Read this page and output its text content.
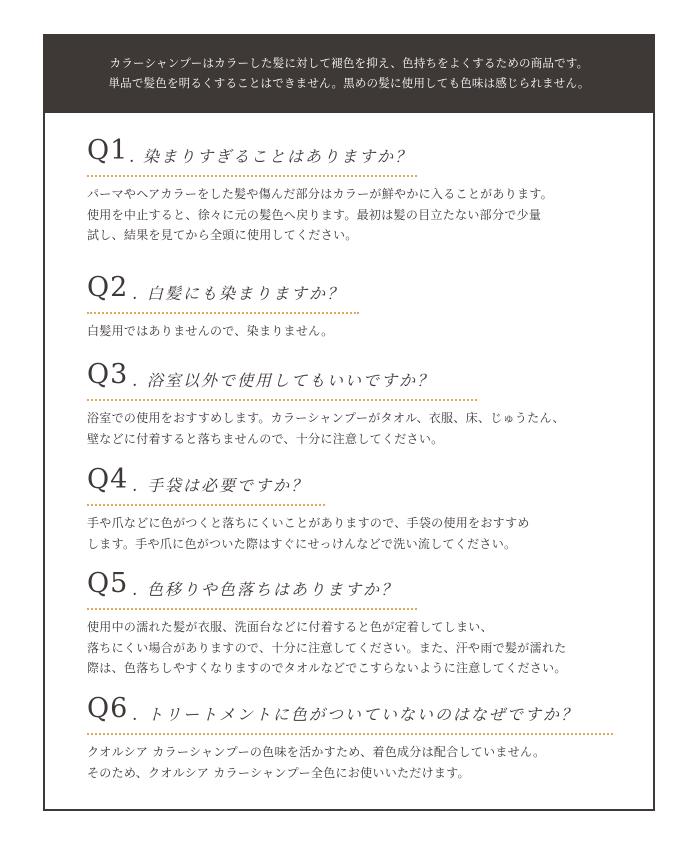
カラーシャンプーはカラーした髪に対して褪色を抑え、色持ちをよくするための商品です。

単品で髪色を明るくすることはできません。黒めの髪に使用しても色味は感じられません。

Q1 . 染まりすぎることはありますか？

パーマやヘアカラーをした髪や傷んだ部分はカラーが鮮やかに入ることがあります。
使用を中止すると、徐々に元の髪色へ戻ります。最初は髪の目立たない部分で少量
試し、結果を見てから全頭に使用してください。

Q2 . 白髪にも染まりますか？

白髪用ではありませんので、染まりません。

Q3 . 浴室以外で使用してもいいですか？

浴室での使用をおすすめします。カラーシャンプーがタオル、衣服、床、じゅうたん、
壁などに付着すると落ちませんので、十分に注意してください。

Q4 . 手袋は必要ですか？

手や爪などに色がつくと落ちにくいことがありますので、手袋の使用をおすすめ
します。手や爪に色がついた際はすぐにせっけんなどで洗い流してください。

Q5 . 色移りや色落ちはありますか？

使用中の濡れた髪が衣服、洗面台などに付着すると色が定着してしまい、
落ちにくい場合がありますので、十分に注意してください。また、汗や雨で髪が濡れた
際は、色落ちしやすくなりますのでタオルなどでこすらないように注意してください。

Q6 . トリートメントに色がついていないのはなぜですか？

クオルシア カラーシャンプーの色味を活かすため、着色成分は配合していません。
そのため、クオルシア カラーシャンプー全色にお使いいただけます。
